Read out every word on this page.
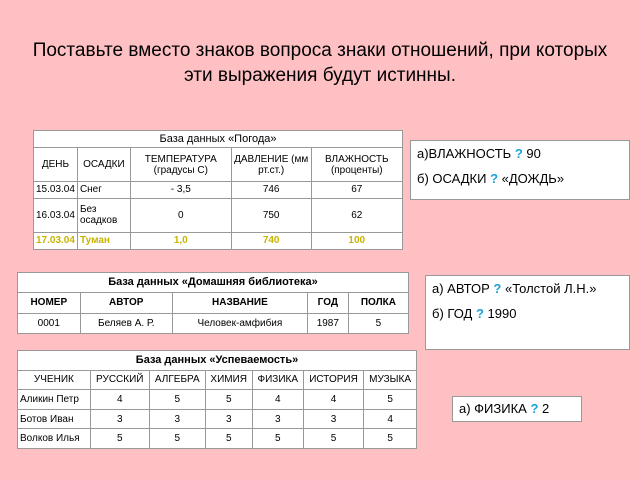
Поставьте вместо знаков вопроса знаки отношений, при которых эти выражения будут истинны.
База данных «Погода»				
ДЕНЬ	ОСАДКИ	ТЕМПЕРАТУРА (градусы С)	ДАВЛЕНИЕ (мм рт.ст.)	ВЛАЖНОСТЬ (проценты)
15.03.04	Снег	- 3,5	746	67
16.03.04	Без осадков	0	750	62
17.03.04	Туман	1,0	740	100
а)ВЛАЖНОСТЬ ? 90
б) ОСАДКИ ? «ДОЖДЬ»
База данных «Домашняя библиотека»				
НОМЕР	АВТОР	НАЗВАНИЕ	ГОД	ПОЛКА
0001	Беляев А. Р.	Человек-амфибия	1987	5
а) АВТОР ? «Толстой Л.Н.»
б) ГОД ? 1990
База данных «Успеваемость»						
УЧЕНИК	РУССКИЙ	АЛГЕБРА	ХИМИЯ	ФИЗИКА	ИСТОРИЯ	МУЗЫКА
Аликин Петр	4	5	5	4	4	5
Ботов Иван	3	3	3	3	3	4
Волков Илья	5	5	5	5	5	5
а) ФИЗИКА ? 2
